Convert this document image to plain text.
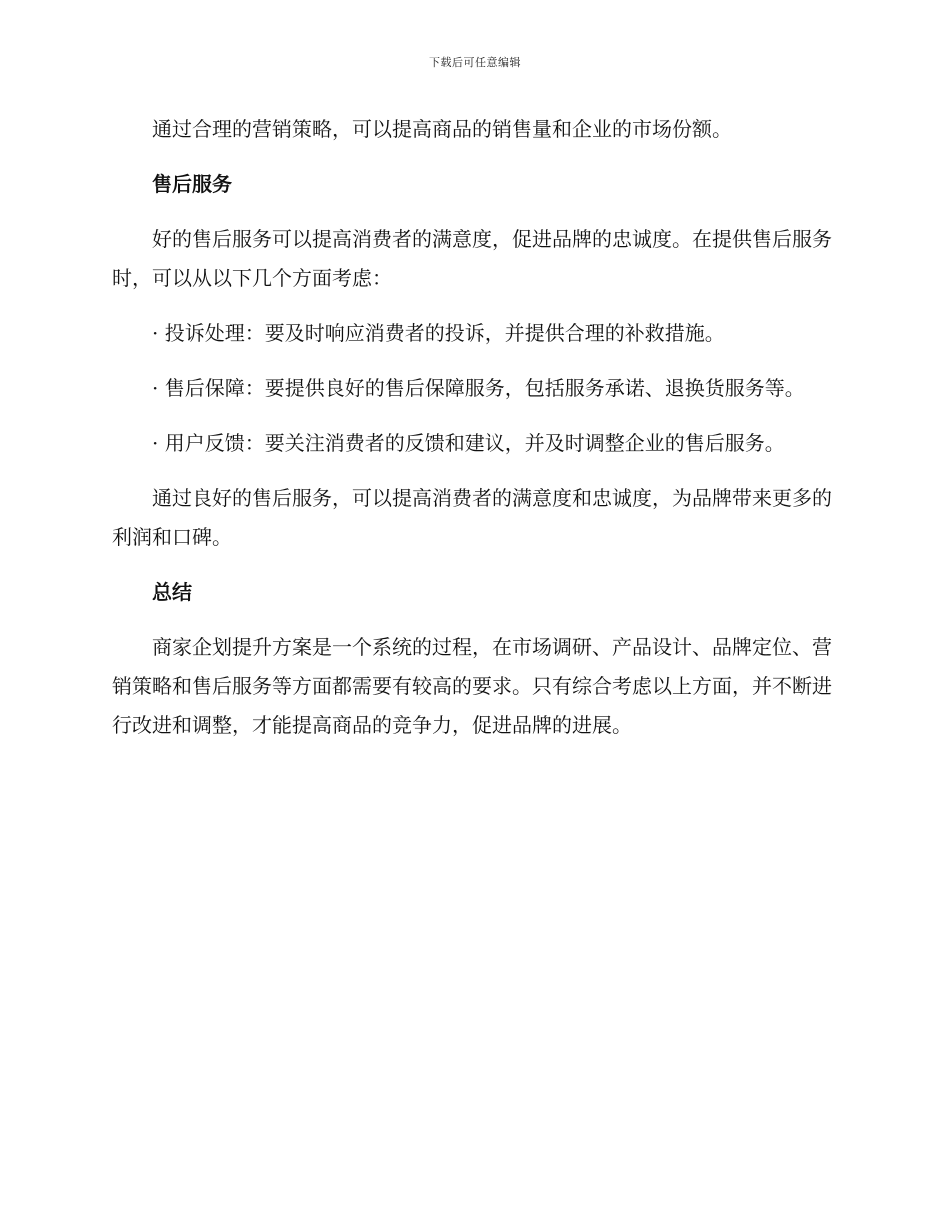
下载后可任意编辑

通过合理的营销策略，可以提高商品的销售量和企业的市场份额。

售后服务

好的售后服务可以提高消费者的满意度，促进品牌的忠诚度。在提供售后服务时，可以从以下几个方面考虑：

· 投诉处理：要及时响应消费者的投诉，并提供合理的补救措施。

· 售后保障：要提供良好的售后保障服务，包括服务承诺、退换货服务等。

· 用户反馈：要关注消费者的反馈和建议，并及时调整企业的售后服务。

通过良好的售后服务，可以提高消费者的满意度和忠诚度，为品牌带来更多的利润和口碑。

总结

商家企划提升方案是一个系统的过程，在市场调研、产品设计、品牌定位、营销策略和售后服务等方面都需要有较高的要求。只有综合考虑以上方面，并不断进行改进和调整，才能提高商品的竞争力，促进品牌的进展。
